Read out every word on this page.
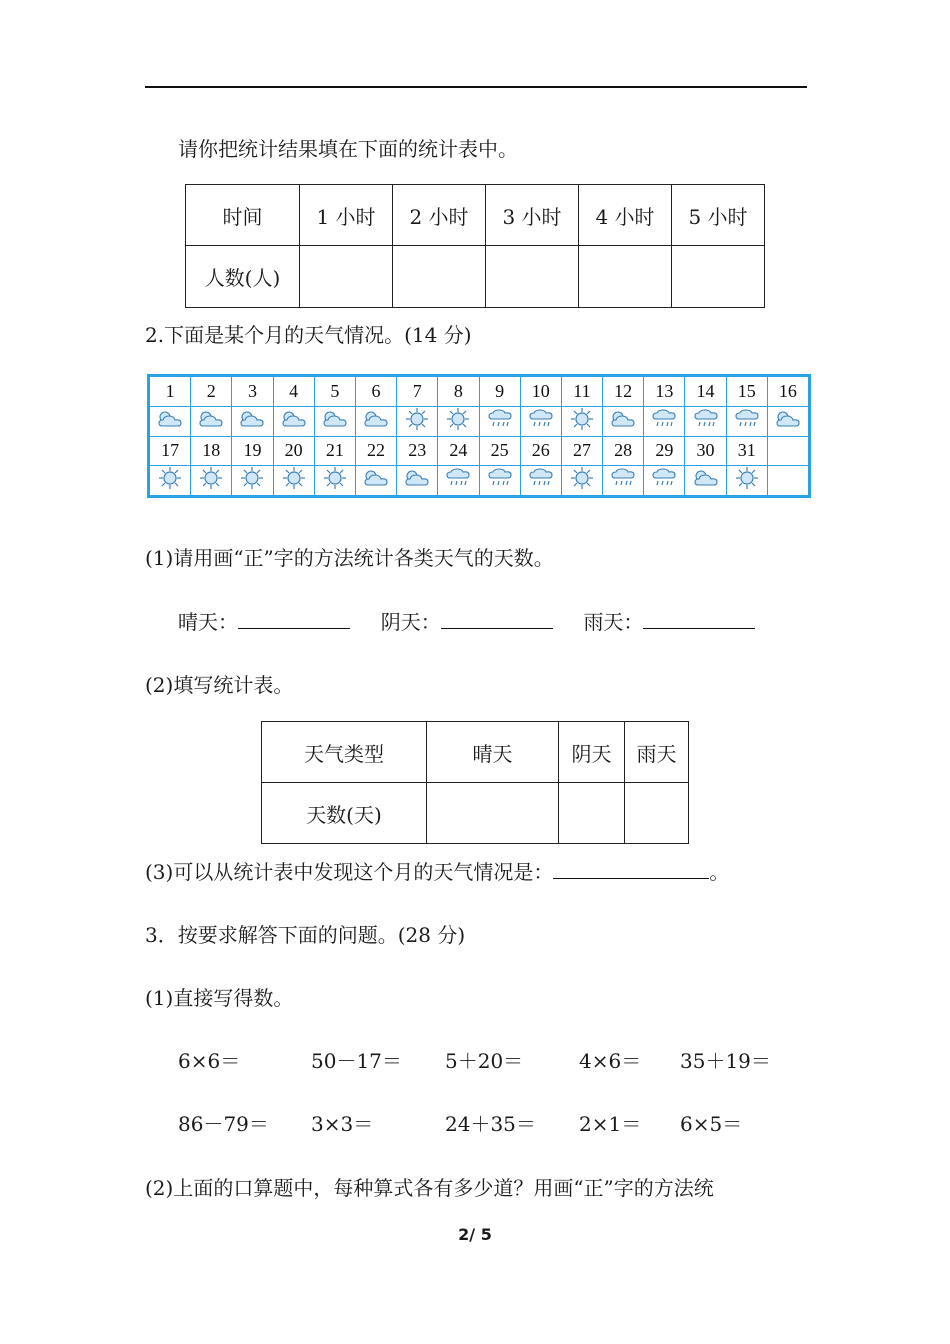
请你把统计结果填在下面的统计表中。
时间	1 小时	2 小时	3 小时	4 小时	5 小时
人数(人)					
2.下面是某个月的天气情况。(14 分)
1	2	3	4	5	6	7	8	9	10	11	12	13	14	15	16

17	18	19	20	21	22	23	24	25	26	27	28	29	30	31	

(1)请用画“正”字的方法统计各类天气的天数。
晴天：	阴天：	雨天：
(2)填写统计表。
天气类型	晴天	阴天	雨天
天数(天)			
(3)可以从统计表中发现这个月的天气情况是：	。
3．按要求解答下面的问题。(28 分)
(1)直接写得数。
6×6＝	50－17＝ 5＋20＝	4×6＝ 35＋19＝
86－79＝ 3×3＝	24＋35＝ 2×1＝ 6×5＝
(2)上面的口算题中，每种算式各有多少道？用画“正”字的方法统
2/ 5
